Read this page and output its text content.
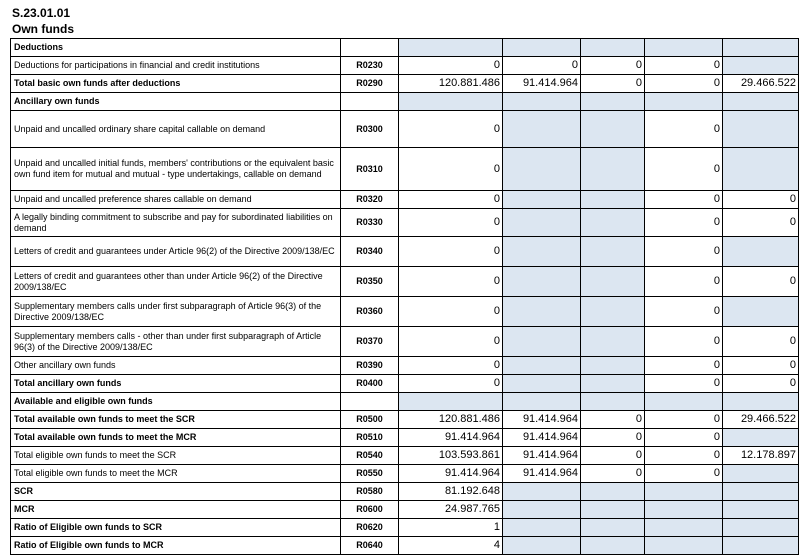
S.23.01.01
Own funds
Deductions						
Deductions for participations in financial and credit institutions	R0230	0	0	0	0	
Total basic own funds after deductions	R0290	120.881.486	91.414.964	0	0	29.466.522
Ancillary own funds						
Unpaid and uncalled ordinary share capital callable on demand	R0300	0			0	
Unpaid and uncalled initial funds, members' contributions or the equivalent basic own fund item for mutual and mutual - type undertakings, callable on demand	R0310	0			0	
Unpaid and uncalled preference shares callable on demand	R0320	0			0	0
A legally binding commitment to subscribe and pay for subordinated liabilities on demand	R0330	0			0	0
Letters of credit and guarantees under Article 96(2) of the Directive 2009/138/EC	R0340	0			0	
Letters of credit and guarantees other than under Article 96(2) of the Directive 2009/138/EC	R0350	0			0	0
Supplementary members calls under first subparagraph of Article 96(3) of the Directive 2009/138/EC	R0360	0			0	
Supplementary members calls - other than under first subparagraph of Article 96(3) of the Directive 2009/138/EC	R0370	0			0	0
Other ancillary own funds	R0390	0			0	0
Total ancillary own funds	R0400	0			0	0
Available and eligible own funds						
Total available own funds to meet the SCR	R0500	120.881.486	91.414.964	0	0	29.466.522
Total available own funds to meet the MCR	R0510	91.414.964	91.414.964	0	0	
Total eligible own funds to meet the SCR	R0540	103.593.861	91.414.964	0	0	12.178.897
Total eligible own funds to meet the MCR	R0550	91.414.964	91.414.964	0	0	
SCR	R0580	81.192.648				
MCR	R0600	24.987.765				
Ratio of Eligible own funds to SCR	R0620	1				
Ratio of Eligible own funds to MCR	R0640	4				
